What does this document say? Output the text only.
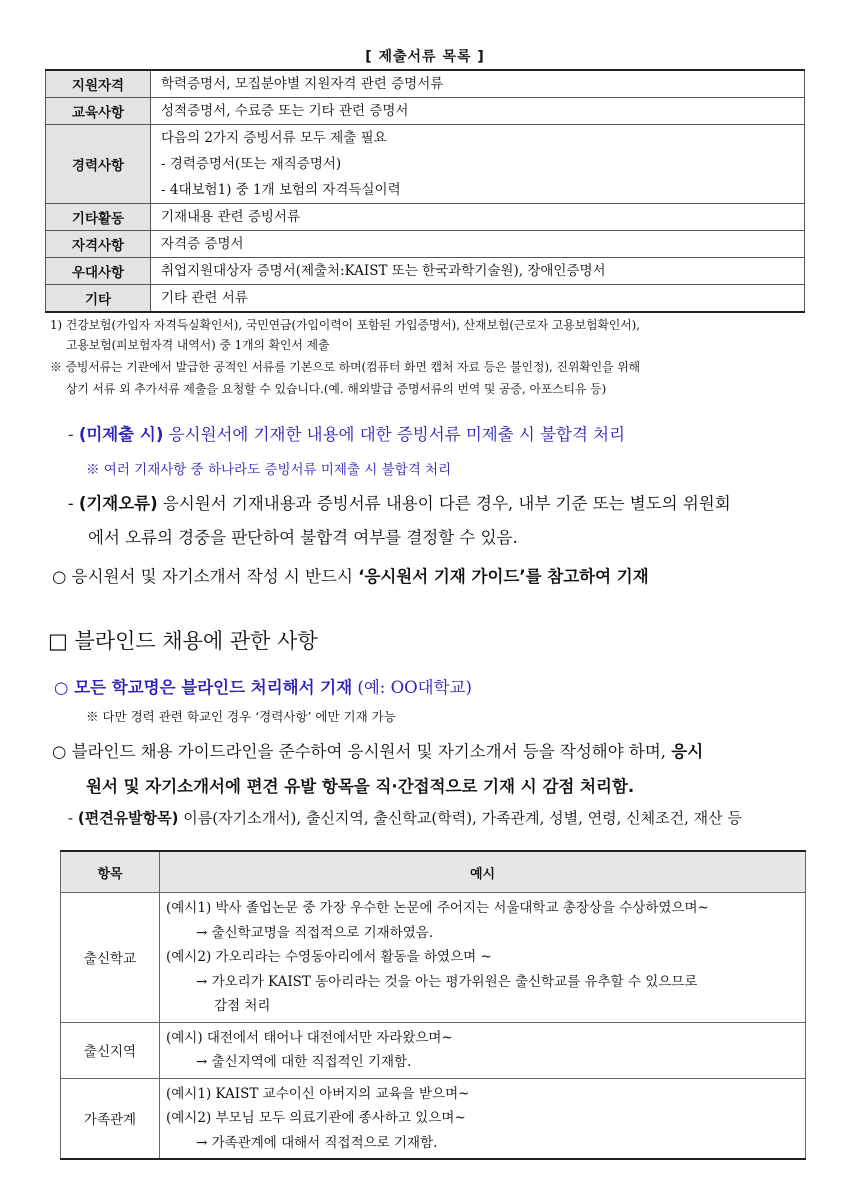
[ 제출서류 목록 ]
지원자격	학력증명서, 모집분야별 지원자격 관련 증명서류

교육사항	성적증명서, 수료증 또는 기타 관련 증명서

경력사항	다음의 2가지 증빙서류 모두 제출 필요
- 경력증명서(또는 재직증명서)
- 4대보험1) 중 1개 보험의 자격득실이력

기타활동	기재내용 관련 증빙서류

자격사항	자격증 증명서

우대사항	취업지원대상자 증명서(제출처:KAIST 또는 한국과학기술원), 장애인증명서

기타	기타 관련 서류
1) 건강보험(가입자 자격득실확인서), 국민연금(가입이력이 포함된 가입증명서), 산재보험(근로자 고용보험확인서),
고용보험(피보험자격 내역서) 중 1개의 확인서 제출
※ 증빙서류는 기관에서 발급한 공적인 서류를 기본으로 하며(컴퓨터 화면 캡처 자료 등은 불인정), 진위확인을 위해
상기 서류 외 추가서류 제출을 요청할 수 있습니다.(예. 해외발급 증명서류의 번역 및 공증, 아포스티유 등)
- (미제출 시) 응시원서에 기재한 내용에 대한 증빙서류 미제출 시 불합격 처리
※ 여러 기재사항 중 하나라도 증빙서류 미제출 시 불합격 처리
- (기재오류) 응시원서 기재내용과 증빙서류 내용이 다른 경우, 내부 기준 또는 별도의 위원회
에서 오류의 경중을 판단하여 불합격 여부를 결정할 수 있음.
○ 응시원서 및 자기소개서 작성 시 반드시 ‘응시원서 기재 가이드’를 참고하여 기재
□ 블라인드 채용에 관한 사항
○ 모든 학교명은 블라인드 처리해서 기재 (예: OO대학교)
※ 다만 경력 관련 학교인 경우 ‘경력사항’ 에만 기재 가능
○ 블라인드 채용 가이드라인을 준수하여 응시원서 및 자기소개서 등을 작성해야 하며, 응시
원서 및 자기소개서에 편견 유발 항목을 직·간접적으로 기재 시 감점 처리함.
- (편견유발항목) 이름(자기소개서), 출신지역, 출신학교(학력), 가족관계, 성별, 연령, 신체조건, 재산 등
항목	예시
출신학교	(예시1) 박사 졸업논문 중 가장 우수한 논문에 주어지는 서울대학교 총장상을 수상하였으며~
→ 출신학교명을 직접적으로 기재하였음.
(예시2) 가오리라는 수영동아리에서 활동을 하였으며 ~
→ 가오리가 KAIST 동아리라는 것을 아는 평가위원은 출신학교를 유추할 수 있으므로
감점 처리

출신지역	(예시) 대전에서 태어나 대전에서만 자라왔으며~
→ 출신지역에 대한 직접적인 기재함.

가족관계	(예시1) KAIST 교수이신 아버지의 교육을 받으며~
(예시2) 부모님 모두 의료기관에 종사하고 있으며~
→ 가족관계에 대해서 직접적으로 기재함.
